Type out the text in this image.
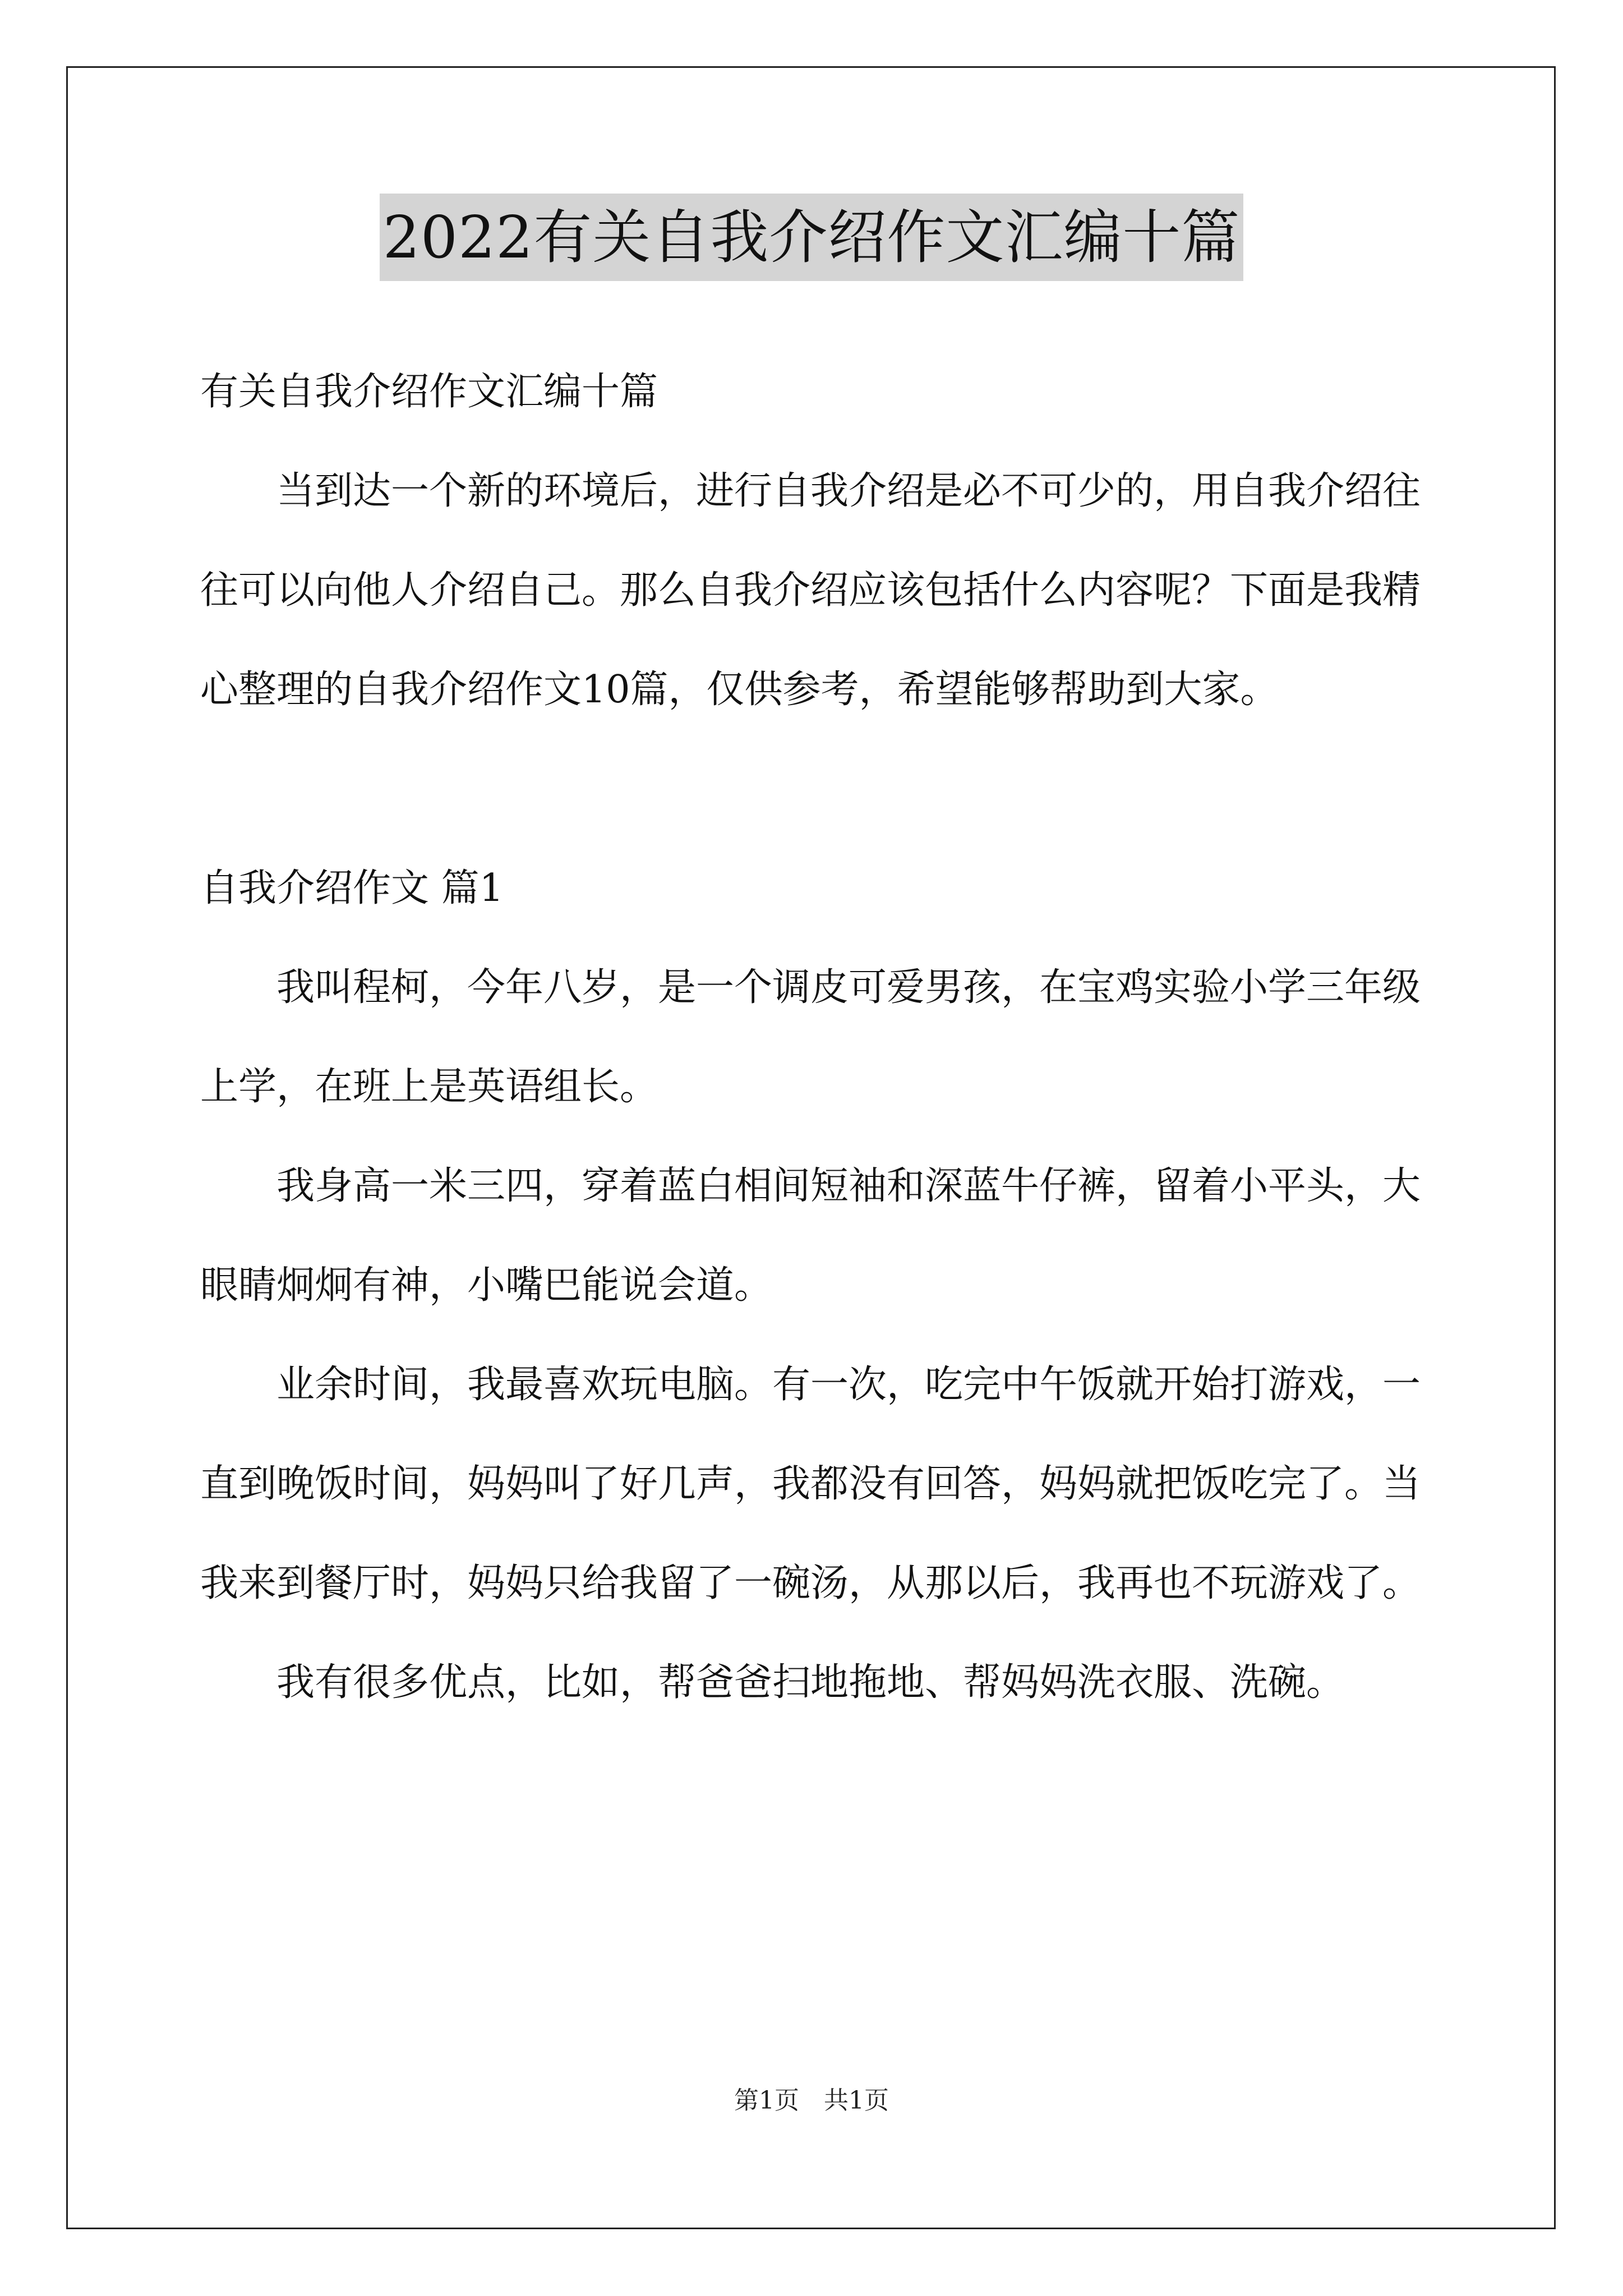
2022有关自我介绍作文汇编十篇

有关自我介绍作文汇编十篇

当到达一个新的环境后，进行自我介绍是必不可少的，用自我介绍往往可以向他人介绍自己。那么自我介绍应该包括什么内容呢？下面是我精心整理的自我介绍作文10篇，仅供参考，希望能够帮助到大家。

自我介绍作文 篇1

我叫程柯，今年八岁，是一个调皮可爱男孩，在宝鸡实验小学三年级上学，在班上是英语组长。

我身高一米三四，穿着蓝白相间短袖和深蓝牛仔裤，留着小平头，大眼睛炯炯有神，小嘴巴能说会道。

业余时间，我最喜欢玩电脑。有一次，吃完中午饭就开始打游戏，一直到晚饭时间，妈妈叫了好几声，我都没有回答，妈妈就把饭吃完了。当我来到餐厅时，妈妈只给我留了一碗汤，从那以后，我再也不玩游戏了。

我有很多优点，比如，帮爸爸扫地拖地、帮妈妈洗衣服、洗碗。

第1页　共1页
